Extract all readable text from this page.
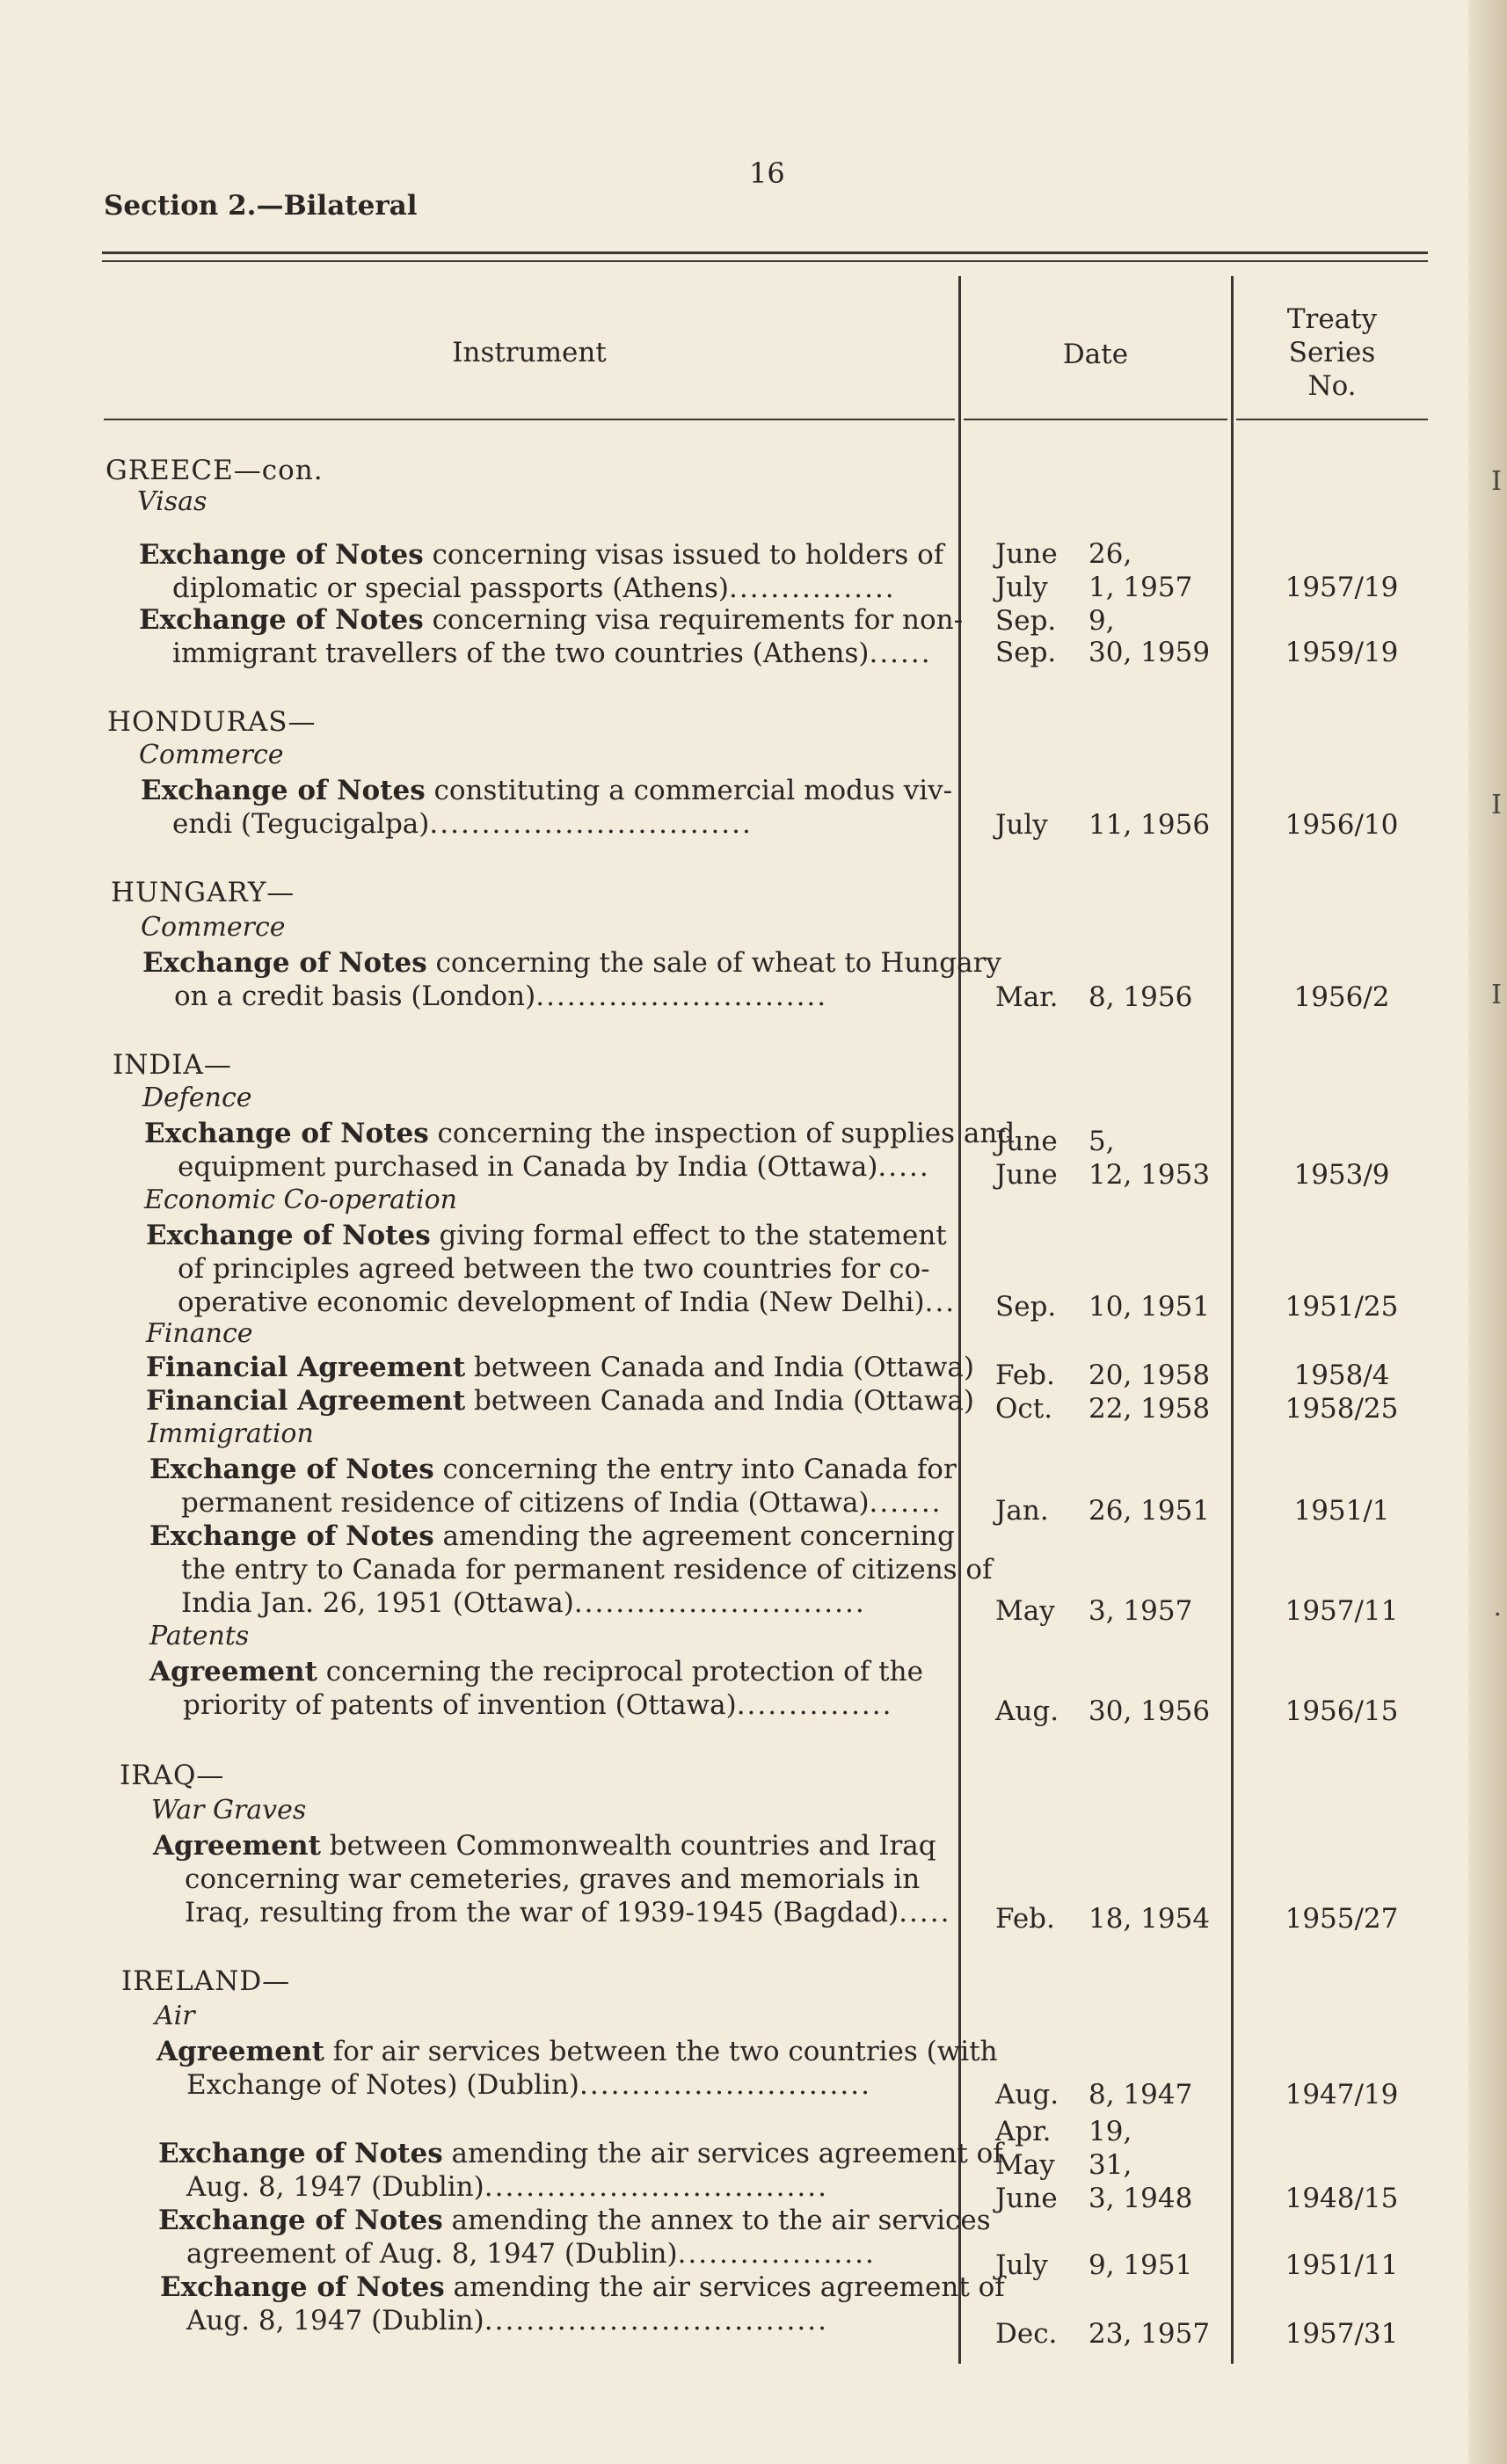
I
I
I
.
16
Section 2.—Bilateral
Instrument	Date
Treaty
Series
No.
GREECE—con.
Visas
Exchange of Notes concerning visas issued to holders of
diplomatic or special passports (Athens)................
Exchange of Notes concerning visa requirements for non-
immigrant travellers of the two countries (Athens)......
HONDURAS—
Commerce
Exchange of Notes constituting a commercial modus viv-
endi (Tegucigalpa)...............................
HUNGARY—
Commerce
Exchange of Notes concerning the sale of wheat to Hungary
on a credit basis (London)............................
INDIA—
Defence
Exchange of Notes concerning the inspection of supplies and
equipment purchased in Canada by India (Ottawa).....
Economic Co-operation
Exchange of Notes giving formal effect to the statement
of principles agreed between the two countries for co-
operative economic development of India (New Delhi)...
Finance
Financial Agreement between Canada and India (Ottawa)
Financial Agreement between Canada and India (Ottawa)
Immigration
Exchange of Notes concerning the entry into Canada for
permanent residence of citizens of India (Ottawa).......
Exchange of Notes amending the agreement concerning
the entry to Canada for permanent residence of citizens of
India Jan. 26, 1951 (Ottawa)............................
Patents
Agreement concerning the reciprocal protection of the
priority of patents of invention (Ottawa)...............
IRAQ—
War Graves
Agreement between Commonwealth countries and Iraq
concerning war cemeteries, graves and memorials in
Iraq, resulting from the war of 1939-1945 (Bagdad).....
IRELAND—
Air
Agreement for air services between the two countries (with
Exchange of Notes) (Dublin)............................
Exchange of Notes amending the air services agreement of
Aug. 8, 1947 (Dublin).................................
Exchange of Notes amending the annex to the air services
agreement of Aug. 8, 1947 (Dublin)...................
Exchange of Notes amending the air services agreement of
Aug. 8, 1947 (Dublin).................................
June 26,
July 1, 1957
Sep. 9,
Sep. 30, 1959
July 11, 1956
Mar. 8, 1956
June 5,
June 12, 1953
Sep. 10, 1951
Feb. 20, 1958
Oct. 22, 1958
Jan. 26, 1951
May 3, 1957
Aug. 30, 1956
Feb. 18, 1954
Aug. 8, 1947
Apr. 19,
May 31,
June 3, 1948
July 9, 1951
Dec. 23, 1957
1957/19
1959/19
1956/10
1956/2
1953/9
1951/25
1958/4
1958/25
1951/1
1957/11
1956/15
1955/27
1947/19
1948/15
1951/11
1957/31
